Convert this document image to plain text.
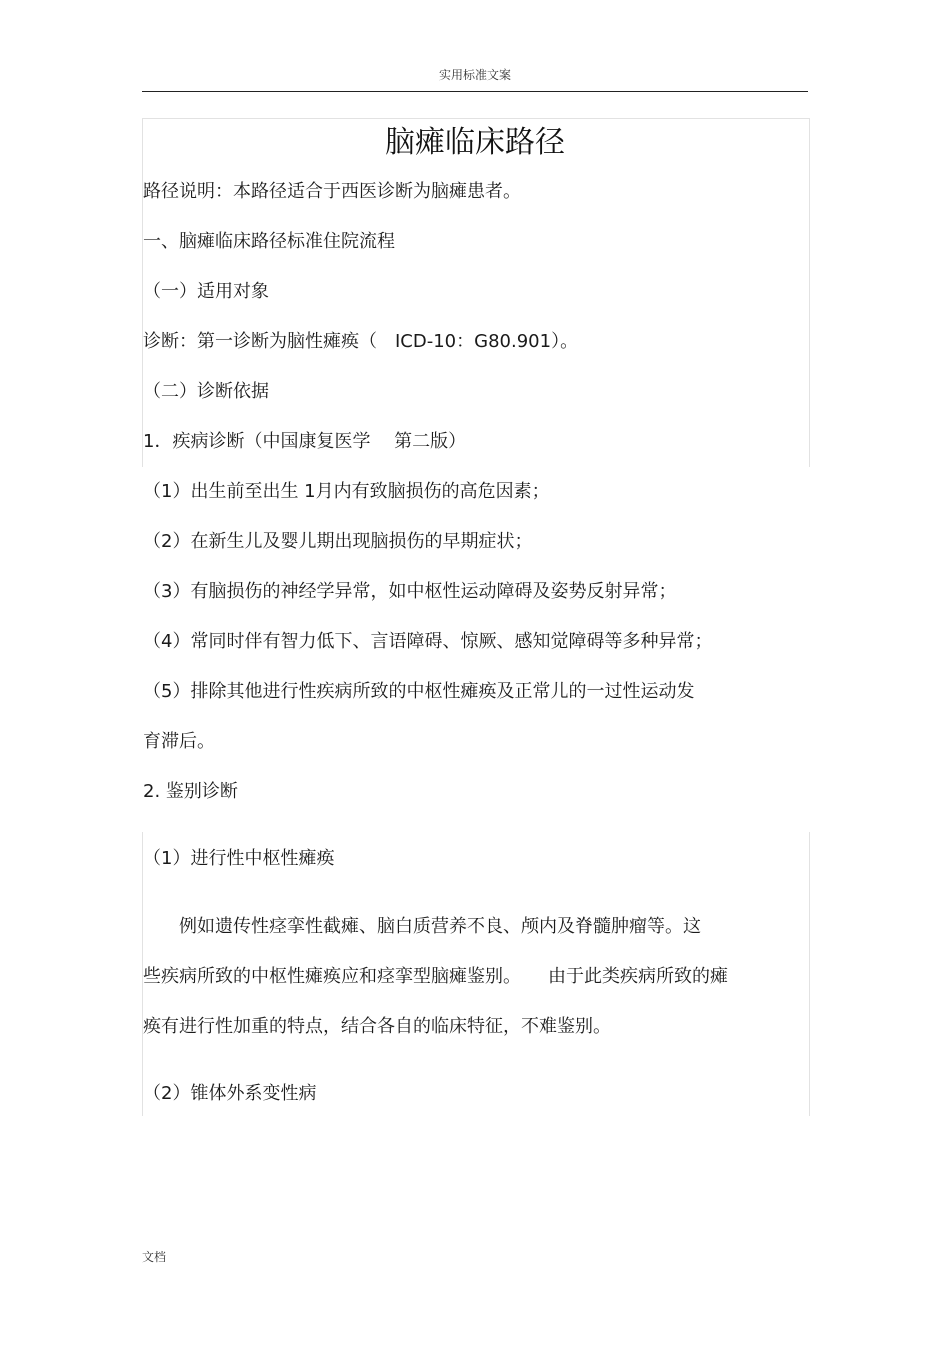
实用标准文案
脑瘫临床路径
路径说明：本路径适合于西医诊断为脑瘫患者。
一、脑瘫临床路径标准住院流程
（一）适用对象
诊断：第一诊断为脑性瘫痪（　ICD-10：G80.901）。
（二）诊断依据
1．疾病诊断（中国康复医学　 第二版）
（1）出生前至出生 1月内有致脑损伤的高危因素；
（2）在新生儿及婴儿期出现脑损伤的早期症状；
（3）有脑损伤的神经学异常，如中枢性运动障碍及姿势反射异常；
（4）常同时伴有智力低下、言语障碍、惊厥、感知觉障碍等多种异常；
（5）排除其他进行性疾病所致的中枢性瘫痪及正常儿的一过性运动发
育滞后。
2. 鉴别诊断
（1）进行性中枢性瘫痪
　　例如遗传性痉挛性截瘫、脑白质营养不良、颅内及脊髓肿瘤等。这
些疾病所致的中枢性瘫痪应和痉挛型脑瘫鉴别。　　由于此类疾病所致的瘫
痪有进行性加重的特点，结合各自的临床特征，不难鉴别。
（2）锥体外系变性病
文档
